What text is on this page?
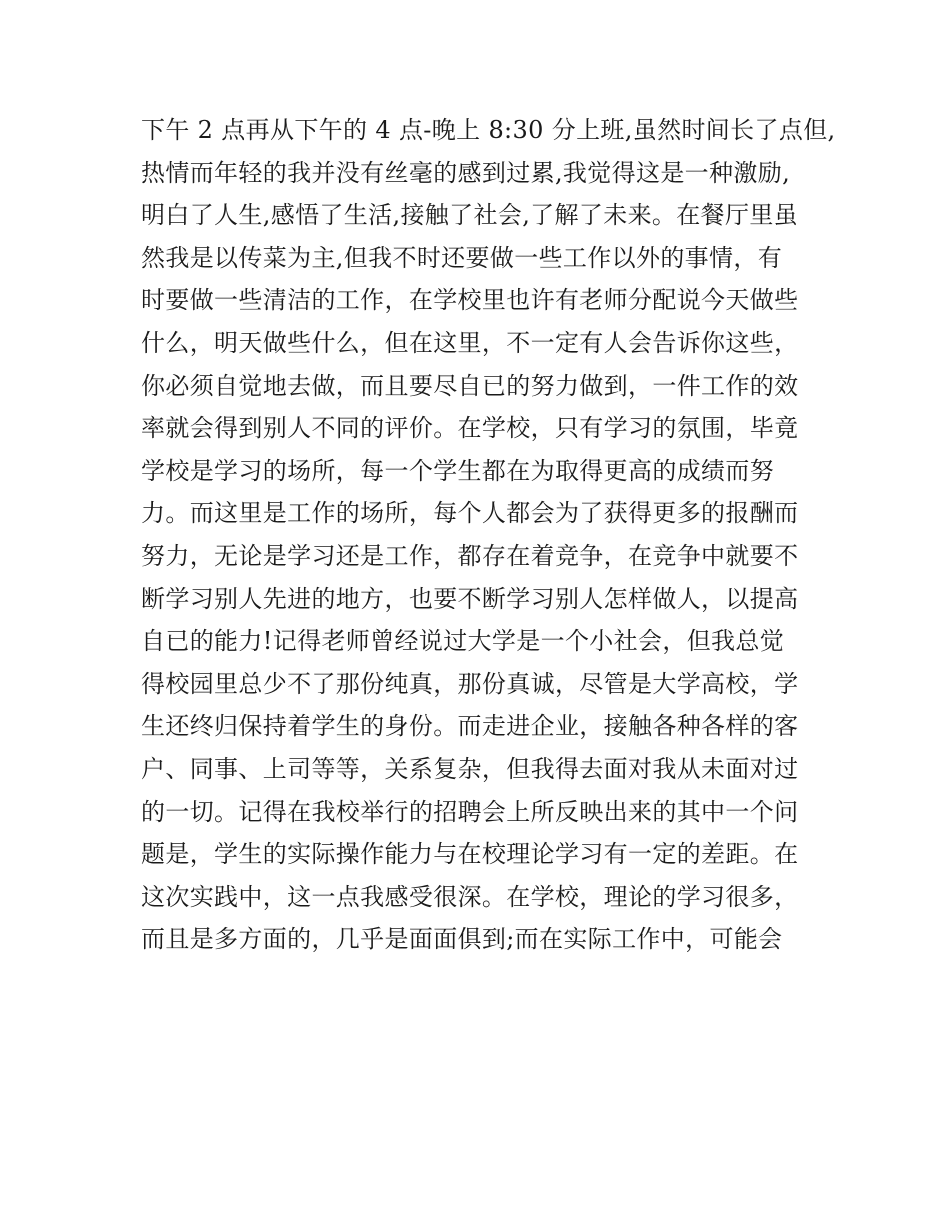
下午 2 点再从下午的 4 点-晚上 8:30 分上班,虽然时间长了点但,
热情而年轻的我并没有丝毫的感到过累,我觉得这是一种激励,
明白了人生,感悟了生活,接触了社会,了解了未来。在餐厅里虽
然我是以传菜为主,但我不时还要做一些工作以外的事情，有
时要做一些清洁的工作，在学校里也许有老师分配说今天做些
什么，明天做些什么，但在这里，不一定有人会告诉你这些，
你必须自觉地去做，而且要尽自已的努力做到，一件工作的效
率就会得到别人不同的评价。在学校，只有学习的氛围，毕竟
学校是学习的场所，每一个学生都在为取得更高的成绩而努
力。而这里是工作的场所，每个人都会为了获得更多的报酬而
努力，无论是学习还是工作，都存在着竞争，在竞争中就要不
断学习别人先进的地方，也要不断学习别人怎样做人，以提高
自已的能力!记得老师曾经说过大学是一个小社会，但我总觉
得校园里总少不了那份纯真，那份真诚，尽管是大学高校，学
生还终归保持着学生的身份。而走进企业，接触各种各样的客
户、同事、上司等等，关系复杂，但我得去面对我从未面对过
的一切。记得在我校举行的招聘会上所反映出来的其中一个问
题是，学生的实际操作能力与在校理论学习有一定的差距。在
这次实践中，这一点我感受很深。在学校，理论的学习很多，
而且是多方面的，几乎是面面俱到;而在实际工作中，可能会
